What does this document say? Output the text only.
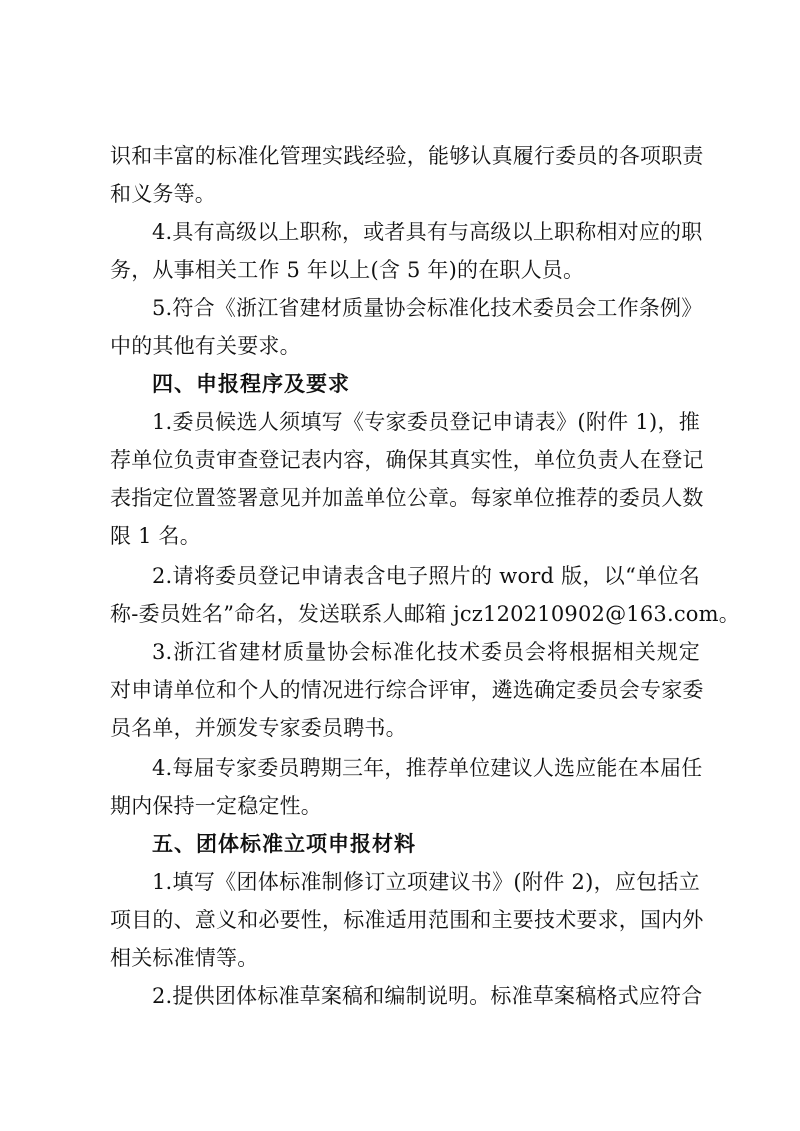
识和丰富的标准化管理实践经验，能够认真履行委员的各项职责
和义务等。
4.具有高级以上职称，或者具有与高级以上职称相对应的职
务，从事相关工作 5 年以上(含 5 年)的在职人员。
5.符合《浙江省建材质量协会标准化技术委员会工作条例》
中的其他有关要求。
四、申报程序及要求
1.委员候选人须填写《专家委员登记申请表》(附件 1)，推
荐单位负责审查登记表内容，确保其真实性，单位负责人在登记
表指定位置签署意见并加盖单位公章。每家单位推荐的委员人数
限 1 名。
2.请将委员登记申请表含电子照片的 word 版，以“单位名
称-委员姓名”命名，发送联系人邮箱 jcz120210902@163.com。
3.浙江省建材质量协会标准化技术委员会将根据相关规定
对申请单位和个人的情况进行综合评审，遴选确定委员会专家委
员名单，并颁发专家委员聘书。
4.每届专家委员聘期三年，推荐单位建议人选应能在本届任
期内保持一定稳定性。
五、团体标准立项申报材料
1.填写《团体标准制修订立项建议书》(附件 2)，应包括立
项目的、意义和必要性，标准适用范围和主要技术要求，国内外
相关标准情等。
2.提供团体标准草案稿和编制说明。标准草案稿格式应符合
